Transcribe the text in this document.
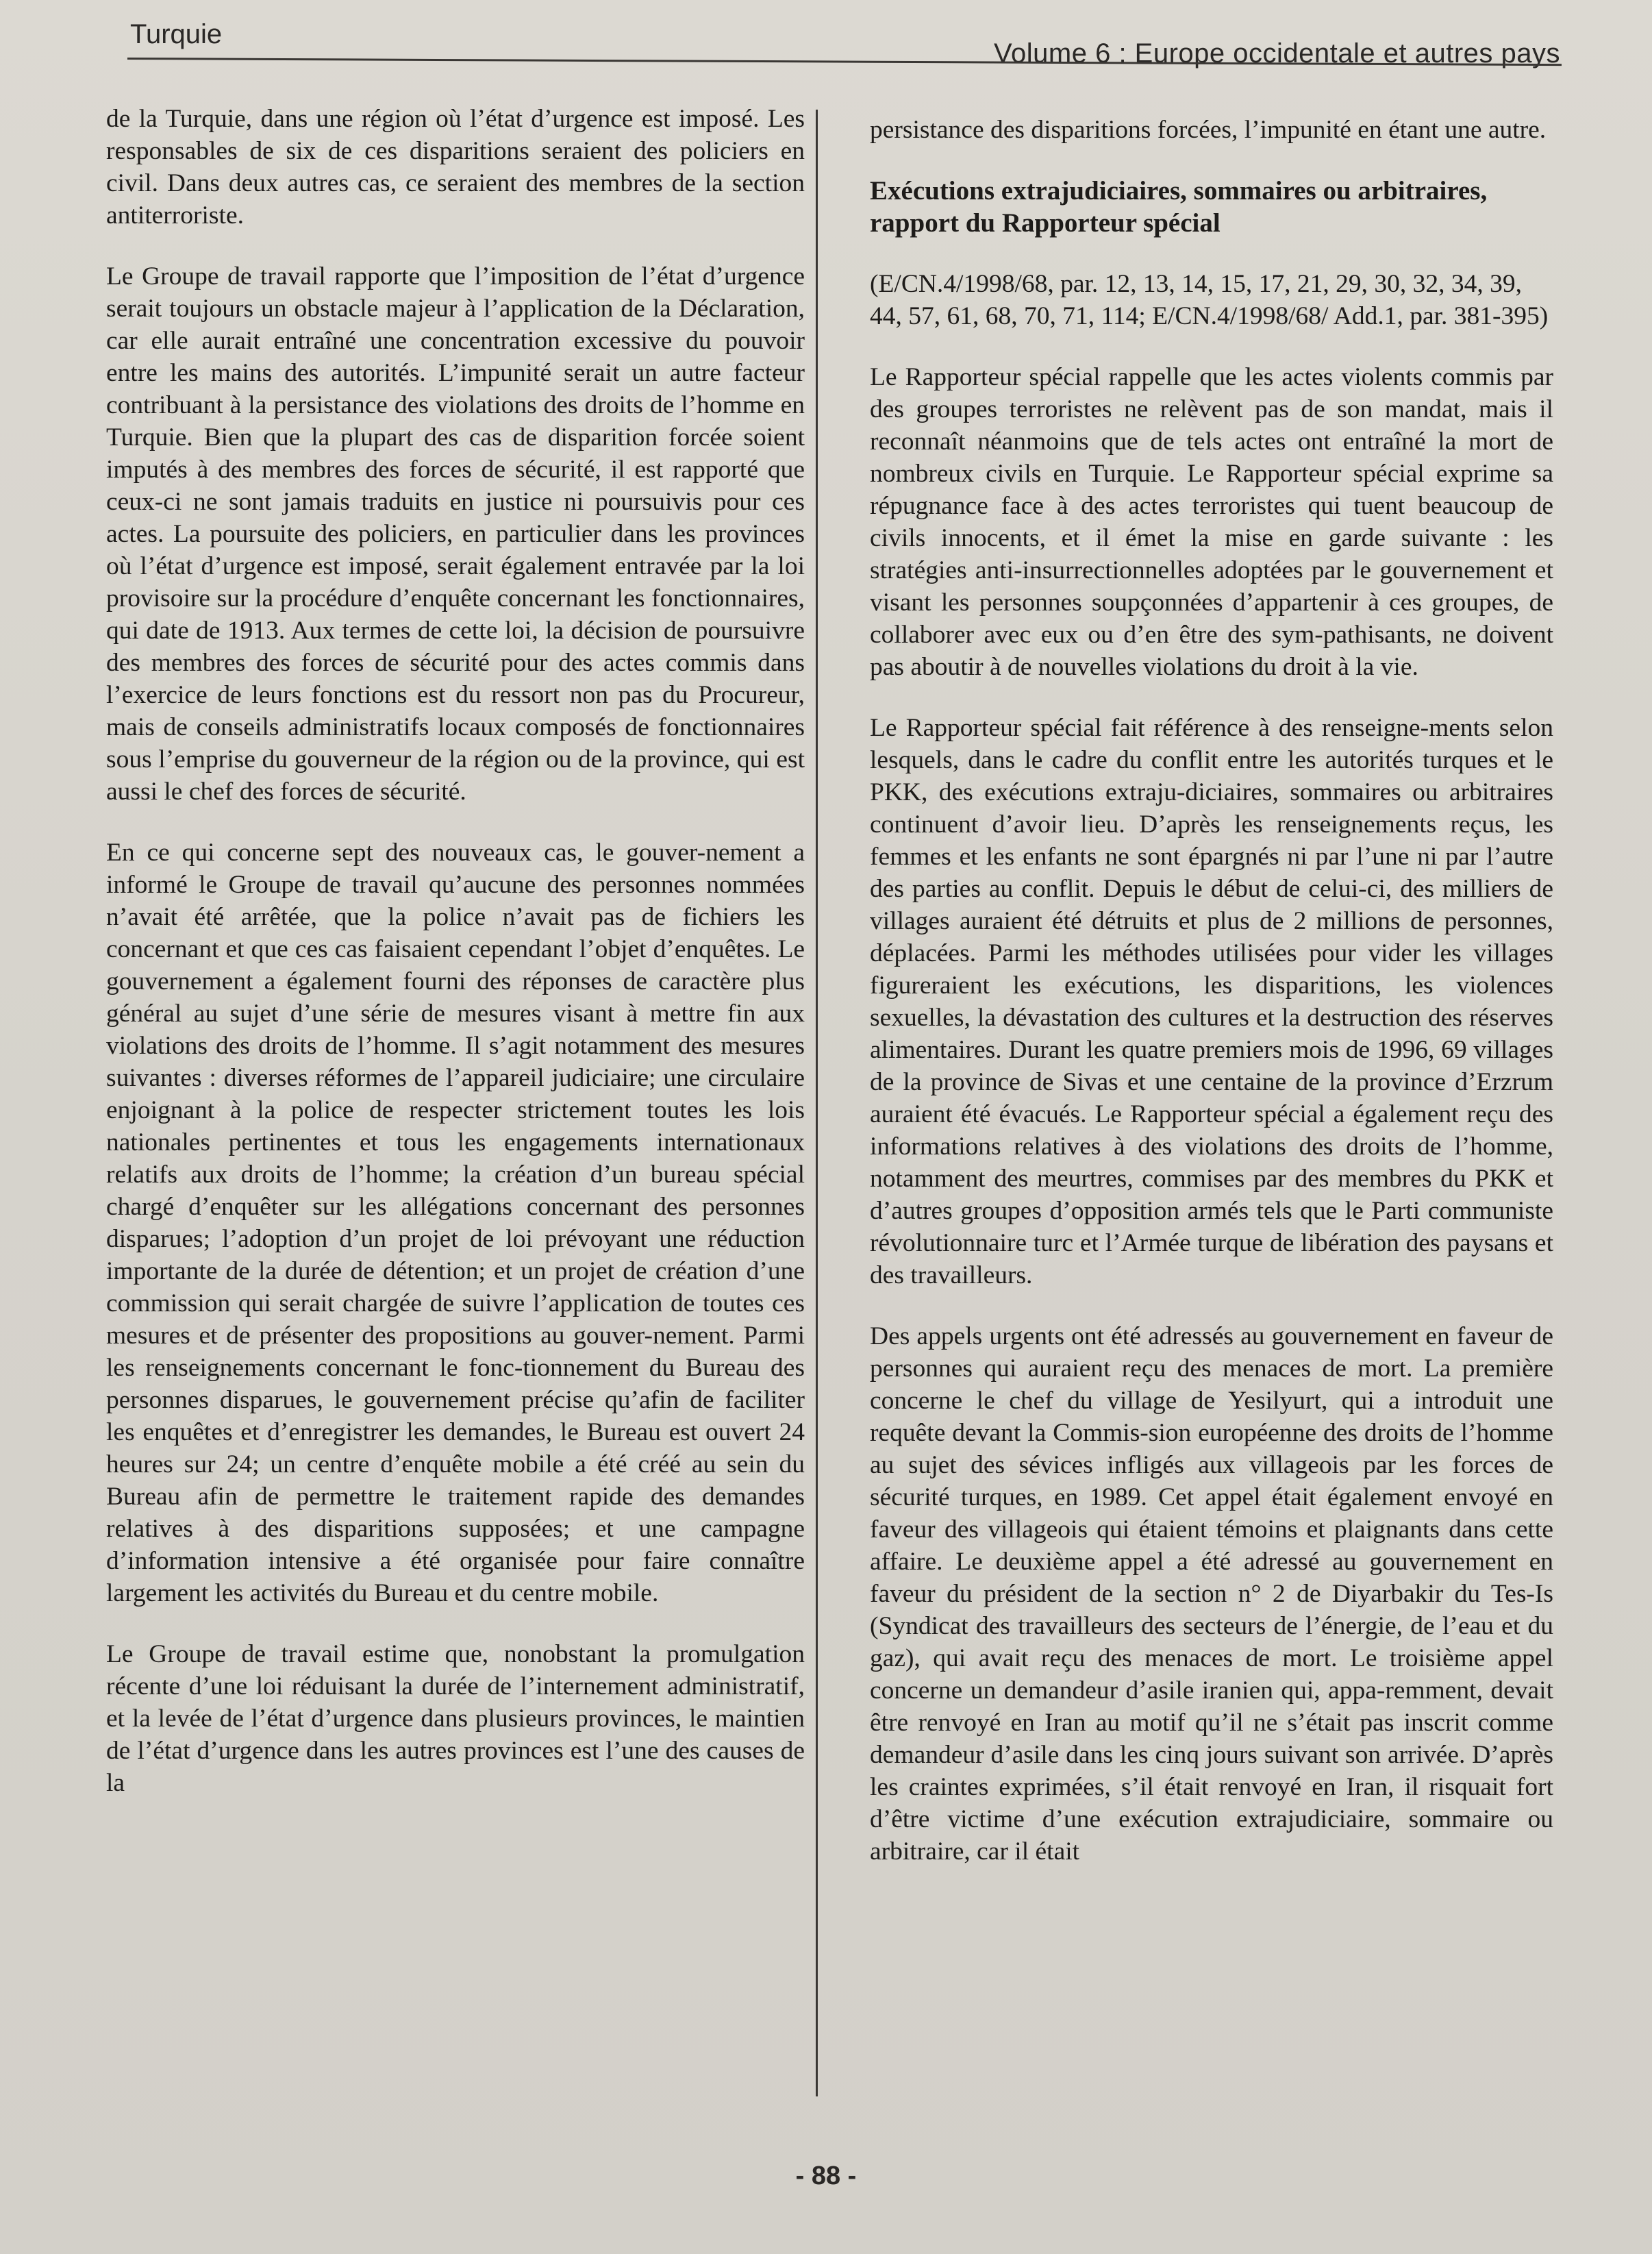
Turquie
Volume 6 : Europe occidentale et autres pays

de la Turquie, dans une région où l’état d’urgence est imposé. Les responsables de six de ces disparitions seraient des policiers en civil. Dans deux autres cas, ce seraient des membres de la section antiterroriste.

Le Groupe de travail rapporte que l’imposition de l’état d’urgence serait toujours un obstacle majeur à l’application de la Déclaration, car elle aurait entraîné une concentration excessive du pouvoir entre les mains des autorités. L’impunité serait un autre facteur contribuant à la persistance des violations des droits de l’homme en Turquie. Bien que la plupart des cas de disparition forcée soient imputés à des membres des forces de sécurité, il est rapporté que ceux-ci ne sont jamais traduits en justice ni poursuivis pour ces actes. La poursuite des policiers, en particulier dans les provinces où l’état d’urgence est imposé, serait également entravée par la loi provisoire sur la procédure d’enquête concernant les fonctionnaires, qui date de 1913. Aux termes de cette loi, la décision de poursuivre des membres des forces de sécurité pour des actes commis dans l’exercice de leurs fonctions est du ressort non pas du Procureur, mais de conseils administratifs locaux composés de fonctionnaires sous l’emprise du gouverneur de la région ou de la province, qui est aussi le chef des forces de sécurité.

En ce qui concerne sept des nouveaux cas, le gouver-nement a informé le Groupe de travail qu’aucune des personnes nommées n’avait été arrêtée, que la police n’avait pas de fichiers les concernant et que ces cas faisaient cependant l’objet d’enquêtes. Le gouvernement a également fourni des réponses de caractère plus général au sujet d’une série de mesures visant à mettre fin aux violations des droits de l’homme. Il s’agit notamment des mesures suivantes : diverses réformes de l’appareil judiciaire; une circulaire enjoignant à la police de respecter strictement toutes les lois nationales pertinentes et tous les engagements internationaux relatifs aux droits de l’homme; la création d’un bureau spécial chargé d’enquêter sur les allégations concernant des personnes disparues; l’adoption d’un projet de loi prévoyant une réduction importante de la durée de détention; et un projet de création d’une commission qui serait chargée de suivre l’application de toutes ces mesures et de présenter des propositions au gouver-nement. Parmi les renseignements concernant le fonc-tionnement du Bureau des personnes disparues, le gouvernement précise qu’afin de faciliter les enquêtes et d’enregistrer les demandes, le Bureau est ouvert 24 heures sur 24; un centre d’enquête mobile a été créé au sein du Bureau afin de permettre le traitement rapide des demandes relatives à des disparitions supposées; et une campagne d’information intensive a été organisée pour faire connaître largement les activités du Bureau et du centre mobile.

Le Groupe de travail estime que, nonobstant la promulgation récente d’une loi réduisant la durée de l’internement administratif, et la levée de l’état d’urgence dans plusieurs provinces, le maintien de l’état d’urgence dans les autres provinces est l’une des causes de la

persistance des disparitions forcées, l’impunité en étant une autre.

Exécutions extrajudiciaires, sommaires ou arbitraires, rapport du Rapporteur spécial

(E/CN.4/1998/68, par. 12, 13, 14, 15, 17, 21, 29, 30, 32, 34, 39, 44, 57, 61, 68, 70, 71, 114; E/CN.4/1998/68/ Add.1, par. 381-395)

Le Rapporteur spécial rappelle que les actes violents commis par des groupes terroristes ne relèvent pas de son mandat, mais il reconnaît néanmoins que de tels actes ont entraîné la mort de nombreux civils en Turquie. Le Rapporteur spécial exprime sa répugnance face à des actes terroristes qui tuent beaucoup de civils innocents, et il émet la mise en garde suivante : les stratégies anti-insurrectionnelles adoptées par le gouvernement et visant les personnes soupçonnées d’appartenir à ces groupes, de collaborer avec eux ou d’en être des sym-pathisants, ne doivent pas aboutir à de nouvelles violations du droit à la vie.

Le Rapporteur spécial fait référence à des renseigne-ments selon lesquels, dans le cadre du conflit entre les autorités turques et le PKK, des exécutions extraju-diciaires, sommaires ou arbitraires continuent d’avoir lieu. D’après les renseignements reçus, les femmes et les enfants ne sont épargnés ni par l’une ni par l’autre des parties au conflit. Depuis le début de celui-ci, des milliers de villages auraient été détruits et plus de 2 millions de personnes, déplacées. Parmi les méthodes utilisées pour vider les villages figureraient les exécutions, les disparitions, les violences sexuelles, la dévastation des cultures et la destruction des réserves alimentaires. Durant les quatre premiers mois de 1996, 69 villages de la province de Sivas et une centaine de la province d’Erzrum auraient été évacués. Le Rapporteur spécial a également reçu des informations relatives à des violations des droits de l’homme, notamment des meurtres, commises par des membres du PKK et d’autres groupes d’opposition armés tels que le Parti communiste révolutionnaire turc et l’Armée turque de libération des paysans et des travailleurs.

Des appels urgents ont été adressés au gouvernement en faveur de personnes qui auraient reçu des menaces de mort. La première concerne le chef du village de Yesilyurt, qui a introduit une requête devant la Commis-sion européenne des droits de l’homme au sujet des sévices infligés aux villageois par les forces de sécurité turques, en 1989. Cet appel était également envoyé en faveur des villageois qui étaient témoins et plaignants dans cette affaire. Le deuxième appel a été adressé au gouvernement en faveur du président de la section n° 2 de Diyarbakir du Tes-Is (Syndicat des travailleurs des secteurs de l’énergie, de l’eau et du gaz), qui avait reçu des menaces de mort. Le troisième appel concerne un demandeur d’asile iranien qui, appa-remment, devait être renvoyé en Iran au motif qu’il ne s’était pas inscrit comme demandeur d’asile dans les cinq jours suivant son arrivée. D’après les craintes exprimées, s’il était renvoyé en Iran, il risquait fort d’être victime d’une exécution extrajudiciaire, sommaire ou arbitraire, car il était

- 88 -
